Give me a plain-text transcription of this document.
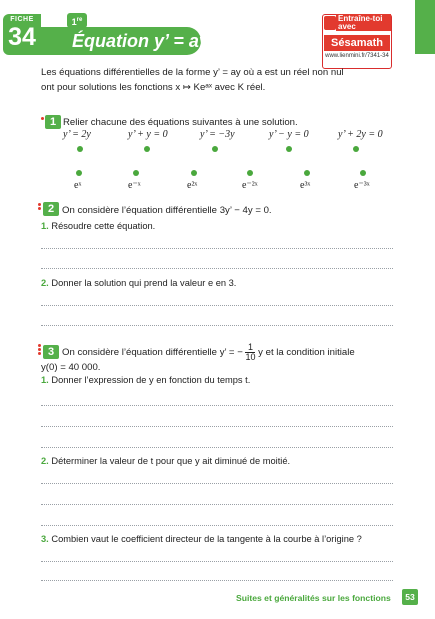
FICHE
34
1re
Équation y’ = ay
Entraîne-toi avec
Sésamath
www.lienmini.fr/7341-34
Les équations différentielles de la forme y’ = ay où a est un réel non nul
ont pour solutions les fonctions x ↦ Keᵃˣ avec K réel.
1 Relier chacune des équations suivantes à une solution.
y’ = 2y	y’ + y = 0	y’ = −3y	y’ − y = 0	y’ + 2y = 0
eˣ	e⁻ˣ	e²ˣ	e⁻²ˣ	e³ˣ	e⁻³ˣ
2 On considère l’équation différentielle 3y’ − 4y = 0.
1. Résoudre cette équation.
2. Donner la solution qui prend la valeur e en 3.
3 On considère l’équation différentielle y’ = − $\frac{1}{10}$ y et la condition initiale
y(0) = 40 000.
1. Donner l’expression de y en fonction du temps t.
2. Déterminer la valeur de t pour que y ait diminué de moitié.
3. Combien vaut le coefficient directeur de la tangente à la courbe à l’origine ?
Suites et généralités sur les fonctions	53
